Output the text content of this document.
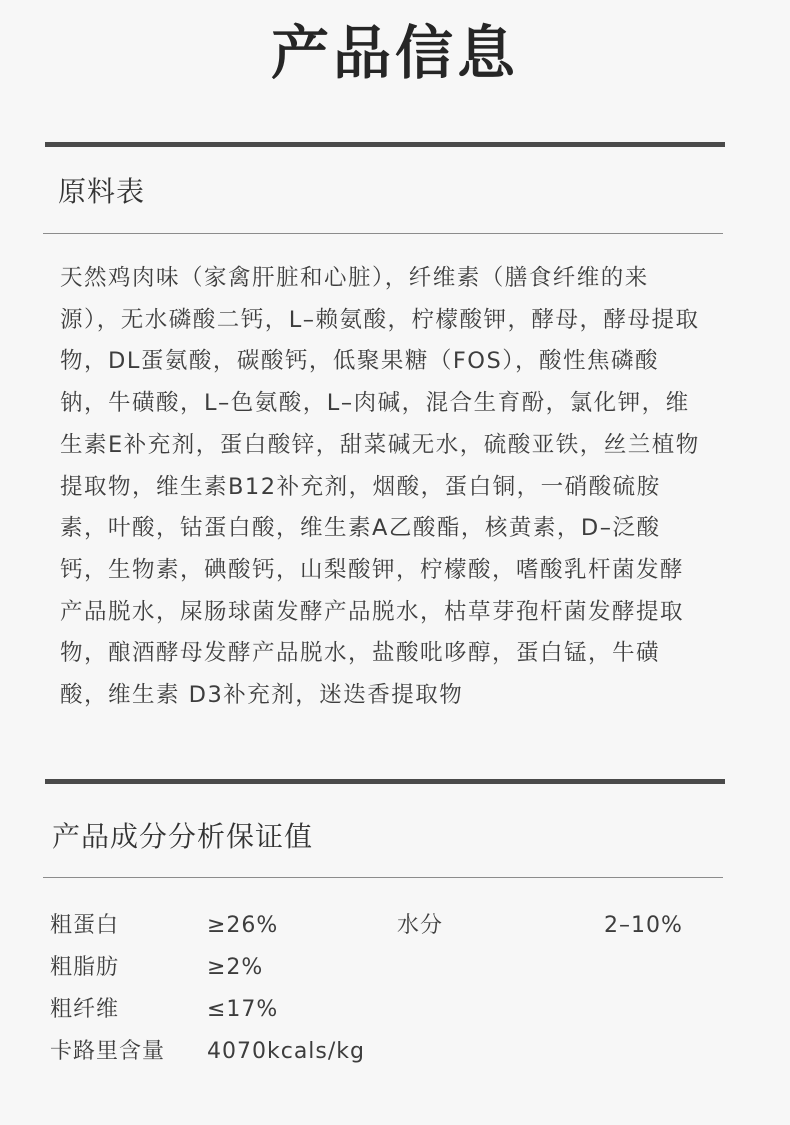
产品信息
原料表

天然鸡肉味（家禽肝脏和心脏），纤维素（膳食纤维的来源），无水磷酸二钙，L–赖氨酸，柠檬酸钾，酵母，酵母提取物，DL蛋氨酸，碳酸钙，低聚果糖（FOS），酸性焦磷酸钠，牛磺酸，L–色氨酸，L–肉碱，混合生育酚，氯化钾，维生素E补充剂，蛋白酸锌，甜菜碱无水，硫酸亚铁，丝兰植物提取物，维生素B12补充剂，烟酸，蛋白铜，一硝酸硫胺素，叶酸，钴蛋白酸，维生素A乙酸酯，核黄素，D–泛酸钙，生物素，碘酸钙，山梨酸钾，柠檬酸，嗜酸乳杆菌发酵产品脱水，屎肠球菌发酵产品脱水，枯草芽孢杆菌发酵提取物，酿酒酵母发酵产品脱水，盐酸吡哆醇，蛋白锰，牛磺酸，维生素 D3补充剂，迷迭香提取物

产品成分分析保证值
粗蛋白	≥26%	水分	2–10%
粗脂肪	≥2%
粗纤维	≤17%
卡路里含量 4070kcals/kg
